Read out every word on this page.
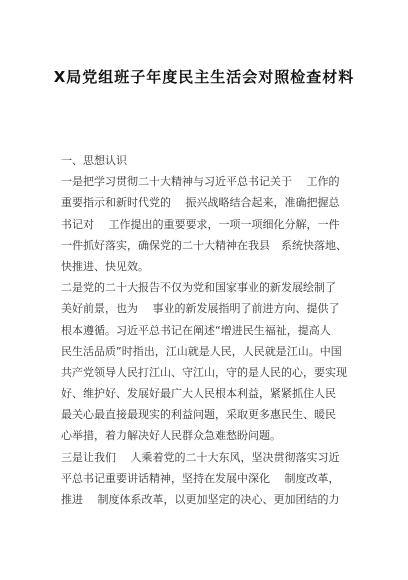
X局党组班子年度民主生活会对照检查材料
一、思想认识
一是把学习贯彻二十大精神与习近平总书记关于　 工作的
重要指示和新时代党的　 振兴战略结合起来，准确把握总
书记对　 工作提出的重要要求，一项一项细化分解，一件
一件抓好落实，确保党的二十大精神在我县　系统快落地、
快推进、快见效。
二是党的二十大报告不仅为党和国家事业的新发展绘制了
美好前景，也为　 事业的新发展指明了前进方向、提供了
根本遵循。习近平总书记在阐述“增进民生福祉，提高人
民生活品质”时指出，江山就是人民，人民就是江山。中国
共产党领导人民打江山、守江山，守的是人民的心，要实现
好、维护好、发展好最广大人民根本利益，紧紧抓住人民
最关心最直接最现实的利益问题，采取更多惠民生、暖民
心举措，着力解决好人民群众急难愁盼问题。
三是让我们　 人乘着党的二十大东风，坚决贯彻落实习近
平总书记重要讲话精神，坚持在发展中深化　 制度改革，
推进　 制度体系改革，以更加坚定的决心、更加团结的力
